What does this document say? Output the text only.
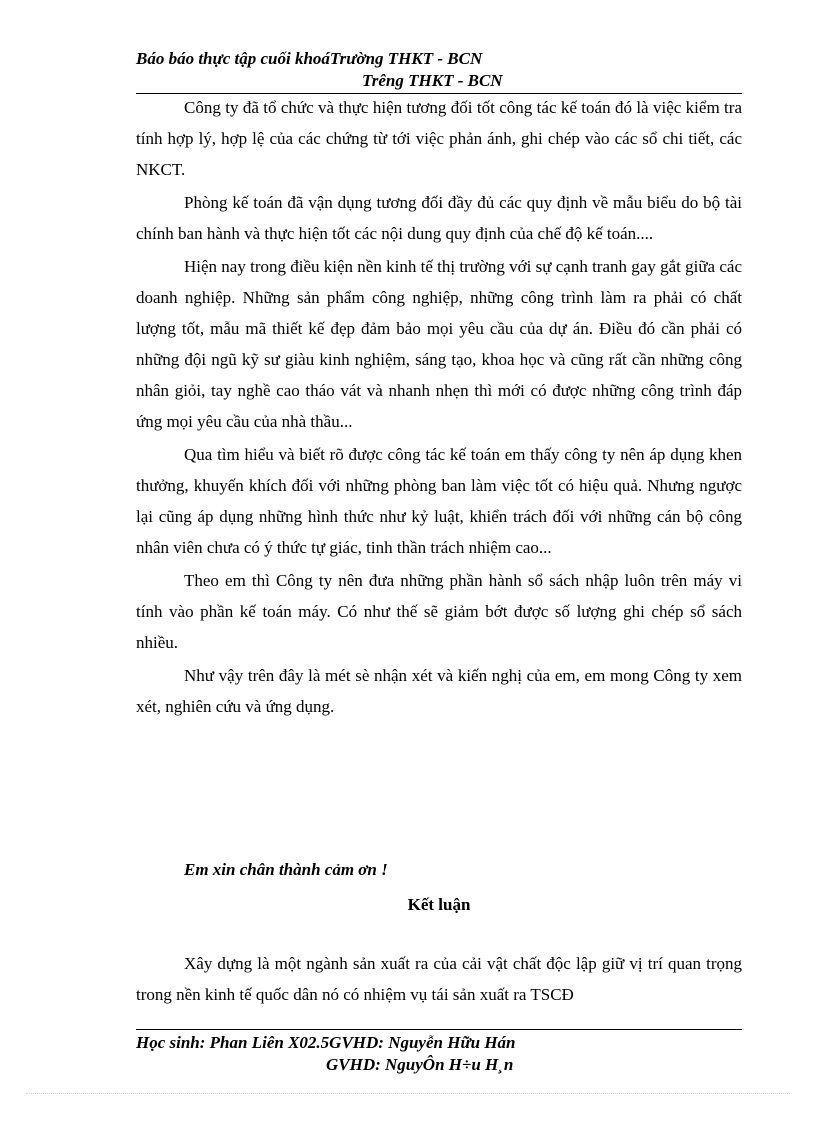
Báo báo thực tập cuối khoáTrường THKT - BCN
Trêng THKT - BCN

Công ty đã tổ chức và thực hiện tương đối tốt công tác kế toán đó là việc kiểm tra tính hợp lý, hợp lệ của các chứng từ tới việc phản ánh, ghi chép vào các sổ chi tiết, các NKCT.

Phòng kế toán đã vận dụng tương đối đầy đủ các quy định về mẫu biểu do bộ tài chính ban hành và thực hiện tốt các nội dung quy định của chế độ kế toán....

Hiện nay trong điều kiện nền kinh tế thị trường với sự cạnh tranh gay gắt giữa các doanh nghiệp. Những sản phẩm công nghiệp, những công trình làm ra phải có chất lượng tốt, mẫu mã thiết kế đẹp đảm bảo mọi yêu cầu của dự án. Điều đó cần phải có những đội ngũ kỹ sư giàu kinh nghiệm, sáng tạo, khoa học và cũng rất cần những công nhân giỏi, tay nghề cao tháo vát và nhanh nhẹn thì mới có được những công trình đáp ứng mọi yêu cầu của nhà thầu...

Qua tìm hiểu và biết rõ được công tác kế toán em thấy công ty nên áp dụng khen thưởng, khuyến khích đối với những phòng ban làm việc tốt có hiệu quả. Nhưng ngược lại cũng áp dụng những hình thức như kỷ luật, khiển trách đối với những cán bộ công nhân viên chưa có ý thức tự giác, tinh thần trách nhiệm cao...

Theo em thì Công ty nên đưa những phần hành sổ sách nhập luôn trên máy vi tính vào phần kế toán máy. Có như thế sẽ giảm bớt được số lượng ghi chép sổ sách nhiều.

Như vậy trên đây là mét sè nhận xét và kiến nghị của em, em mong Công ty xem xét, nghiên cứu và ứng dụng.

Em xin chân thành cảm ơn !
Kết luận

Xây dựng là một ngành sản xuất ra của cải vật chất độc lập giữ vị trí quan trọng trong nền kinh tế quốc dân nó có nhiệm vụ tái sản xuất ra TSCĐ

Học sinh: Phan Liên X02.5GVHD: Nguyễn Hữu Hán
GVHD: NguyÔn H÷u H¸n
